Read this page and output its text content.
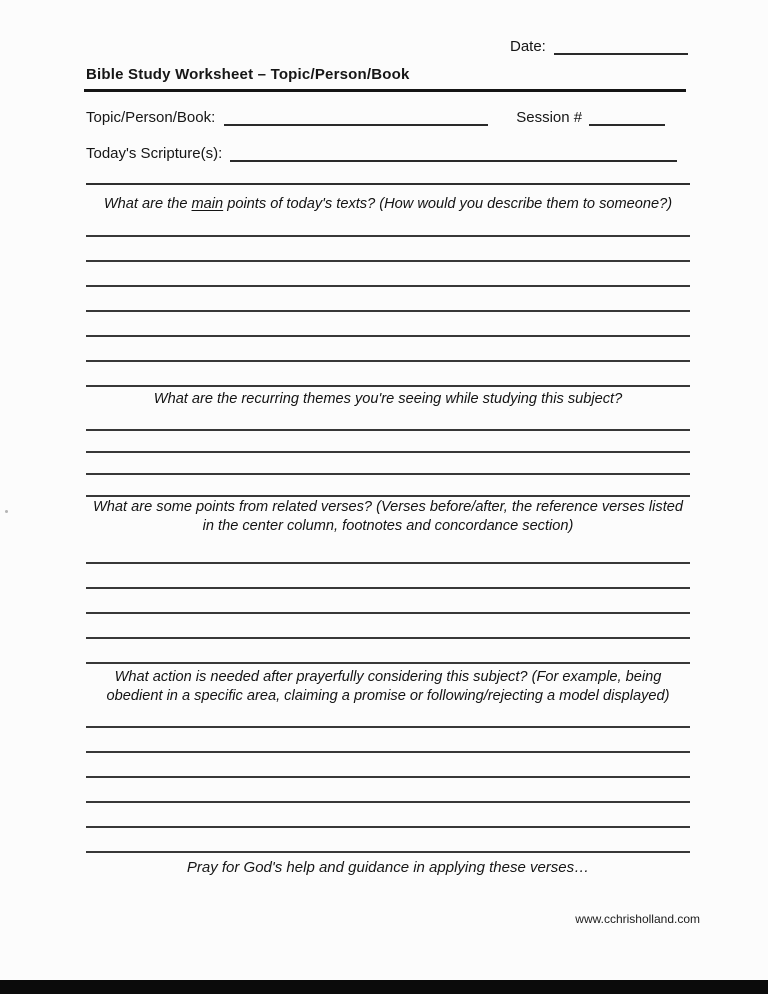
Date:
Bible Study Worksheet – Topic/Person/Book
Topic/Person/Book:	Session #
Today's Scripture(s):
What are the main points of today's texts? (How would you describe them to someone?)
What are the recurring themes you're seeing while studying this subject?
What are some points from related verses? (Verses before/after, the reference verses listed in the center column, footnotes and concordance section)
What action is needed after prayerfully considering this subject? (For example, being obedient in a specific area, claiming a promise or following/rejecting a model displayed)
Pray for God's help and guidance in applying these verses…
www.cchrisholland.com
